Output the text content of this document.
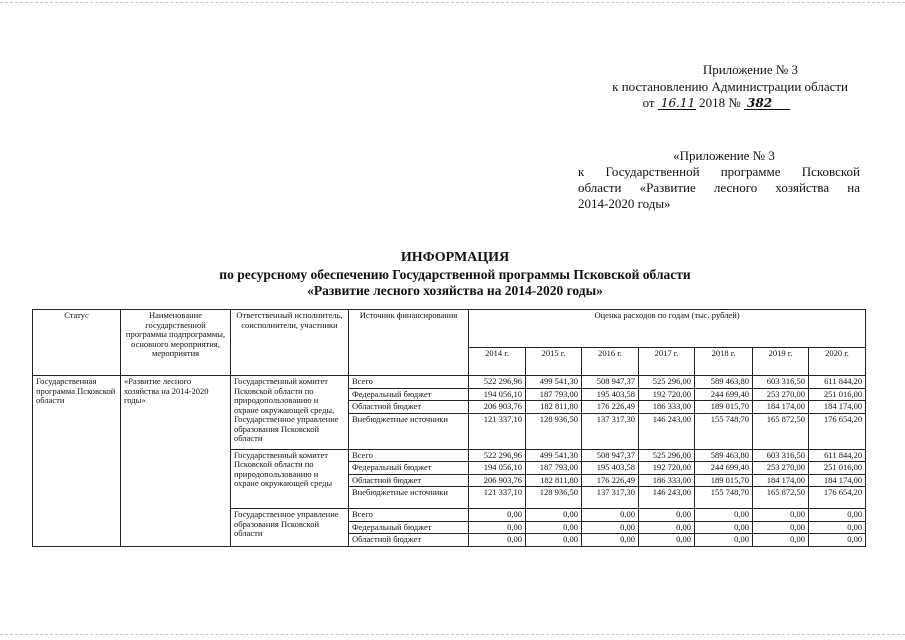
Приложение № 3
к постановлению Администрации области
от 16.11 2018 № 382
«Приложение № 3
к Государственной программе Псковской
области «Развитие лесного хозяйства на
2014-2020 годы»
ИНФОРМАЦИЯ
по ресурсному обеспечению Государственной программы Псковской области
«Развитие лесного хозяйства на 2014-2020 годы»
Статус	Наименование государственной программы подпрограммы, основного мероприятия, мероприятия	Ответственный исполнитель, соисполнители, участники	Источник финансирования	Оценка расходов по годам (тыс. рублей)						
				2014 г.	2015 г.	2016 г.	2017 г.	2018 г.	2019 г.	2020 г.
Государственная программа Псковской области	«Развитие лесного хозяйства на 2014-2020 годы»	Государственный комитет Псковской области по природопользованию и охране окружающей среды, Государственное управление образования Псковской области	Всего	522 296,96	499 541,30	508 947,37	525 296,00	589 463,80	603 316,50	611 844,20
			Федеральный бюджет	194 056,10	187 793,00	195 403,58	192 720,00	244 699,40	253 270,00	251 016,00
			Областной бюджет	206 903,76	182 811,80	176 226,49	186 333,00	189 015,70	184 174,00	184 174,00
			Внебюджетные источники	121 337,10	128 936,50	137 317,30	146 243,00	155 748,70	165 872,50	176 654,20
		Государственный комитет Псковской области по природопользованию и охране окружающей среды	Всего	522 296,96	499 541,30	508 947,37	525 296,00	589 463,80	603 316,50	611 844,20
			Федеральный бюджет	194 056,10	187 793,00	195 403,58	192 720,00	244 699,40	253 270,00	251 016,00
			Областной бюджет	206 903,76	182 811,80	176 226,49	186 333,00	189 015,70	184 174,00	184 174,00
			Внебюджетные источники	121 337,10	128 936,50	137 317,30	146 243,00	155 748,70	165 872,50	176 654,20
		Государственное управление образования Псковской области	Всего	0,00	0,00	0,00	0,00	0,00	0,00	0,00
			Федеральный бюджет	0,00	0,00	0,00	0,00	0,00	0,00	0,00
			Областной бюджет	0,00	0,00	0,00	0,00	0,00	0,00	0,00
